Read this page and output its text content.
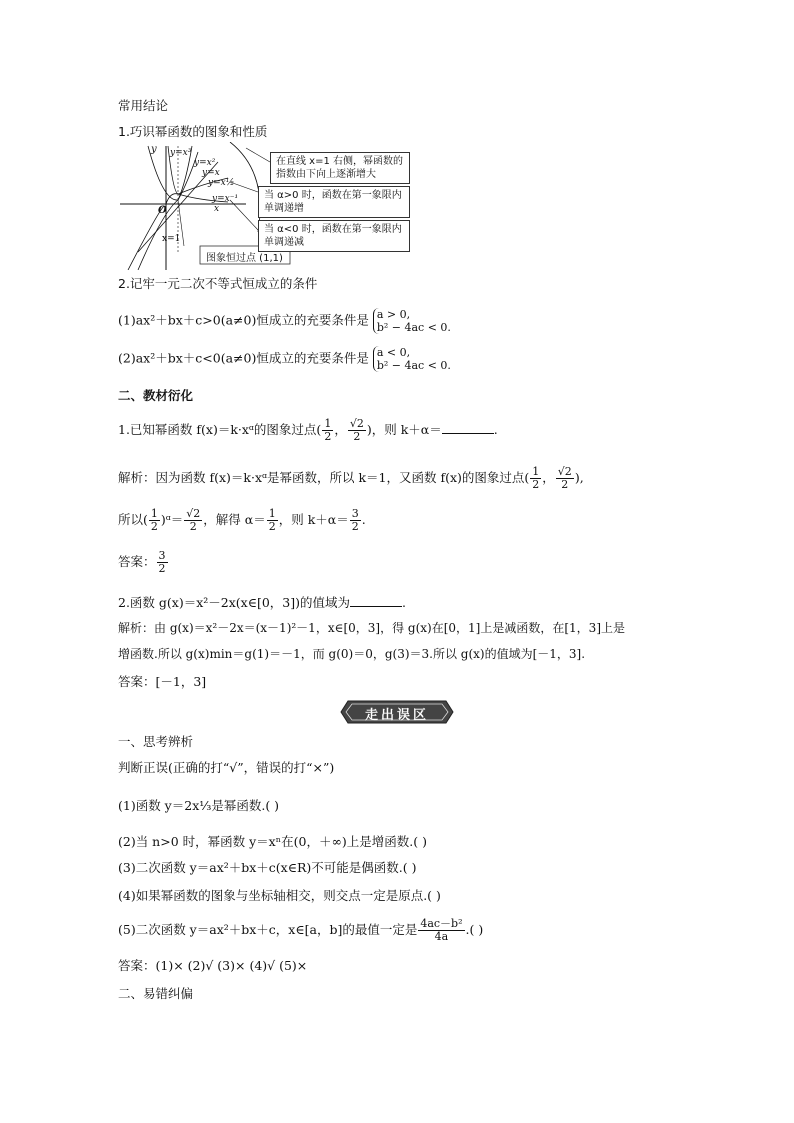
常用结论
1.巧识幂函数的图象和性质
y y=x³
y=x²
y=x
y=x½
y=x⁻¹
x
O
x=1
图象恒过点 (1,1)
在直线 x=1 右侧，幂函数的指数由下向上逐渐增大
当 α>0 时，函数在第一象限内单调递增
当 α<0 时，函数在第一象限内单调递减
2.记牢一元二次不等式恒成立的条件
(1)ax²＋bx＋c>0(a≠0)恒成立的充要条件是 a > 0,
b² − 4ac < 0.
(2)ax²＋bx＋c<0(a≠0)恒成立的充要条件是 a < 0,
b² − 4ac < 0.
二、教材衍化
1.已知幂函数 f(x)＝k·xᵅ的图象过点( $\frac{1}{2}$ ， $\frac{√2}{2}$ )，则 k＋α＝	.
解析：因为函数 f(x)＝k·xᵅ是幂函数，所以 k＝1，又函数 f(x)的图象过点( $\frac{1}{2}$ ， $\frac{√2}{2}$ ),
所以( $\frac{1}{2}$ )ᵅ＝ $\frac{√2}{2}$ ，解得 $\alpha= \frac{1}{2}$ ，则 $k+\alpha= \frac{3}{2}$ .
答案： $\frac{3}{2}$
2.函数 g(x)＝x²－2x(x∈[0，3])的值域为	.
解析：由 g(x)＝x²－2x＝(x－1)²－1，x∈[0，3]，得 g(x)在[0，1]上是减函数，在[1，3]上是
增函数.所以 g(x)min＝g(1)＝－1，而 g(0)＝0，g(3)＝3.所以 g(x)的值域为[－1，3].
答案：[－1，3]
走出误区
一、思考辨析
判断正误(正确的打“√”，错误的打“×”)
(1)函数 y＝2x⅓是幂函数.( )
(2)当 n>0 时，幂函数 y＝xⁿ在(0，＋∞)上是增函数.( )
(3)二次函数 y＝ax²＋bx＋c(x∈R)不可能是偶函数.( )
(4)如果幂函数的图象与坐标轴相交，则交点一定是原点.( )
(5)二次函数 y＝ax²＋bx＋c，x∈[a，b]的最值一定是 $\frac{\text{4ac－b²}}{4a}$ .( )
答案：(1)× (2)√ (3)× (4)√ (5)×
二、易错纠偏
